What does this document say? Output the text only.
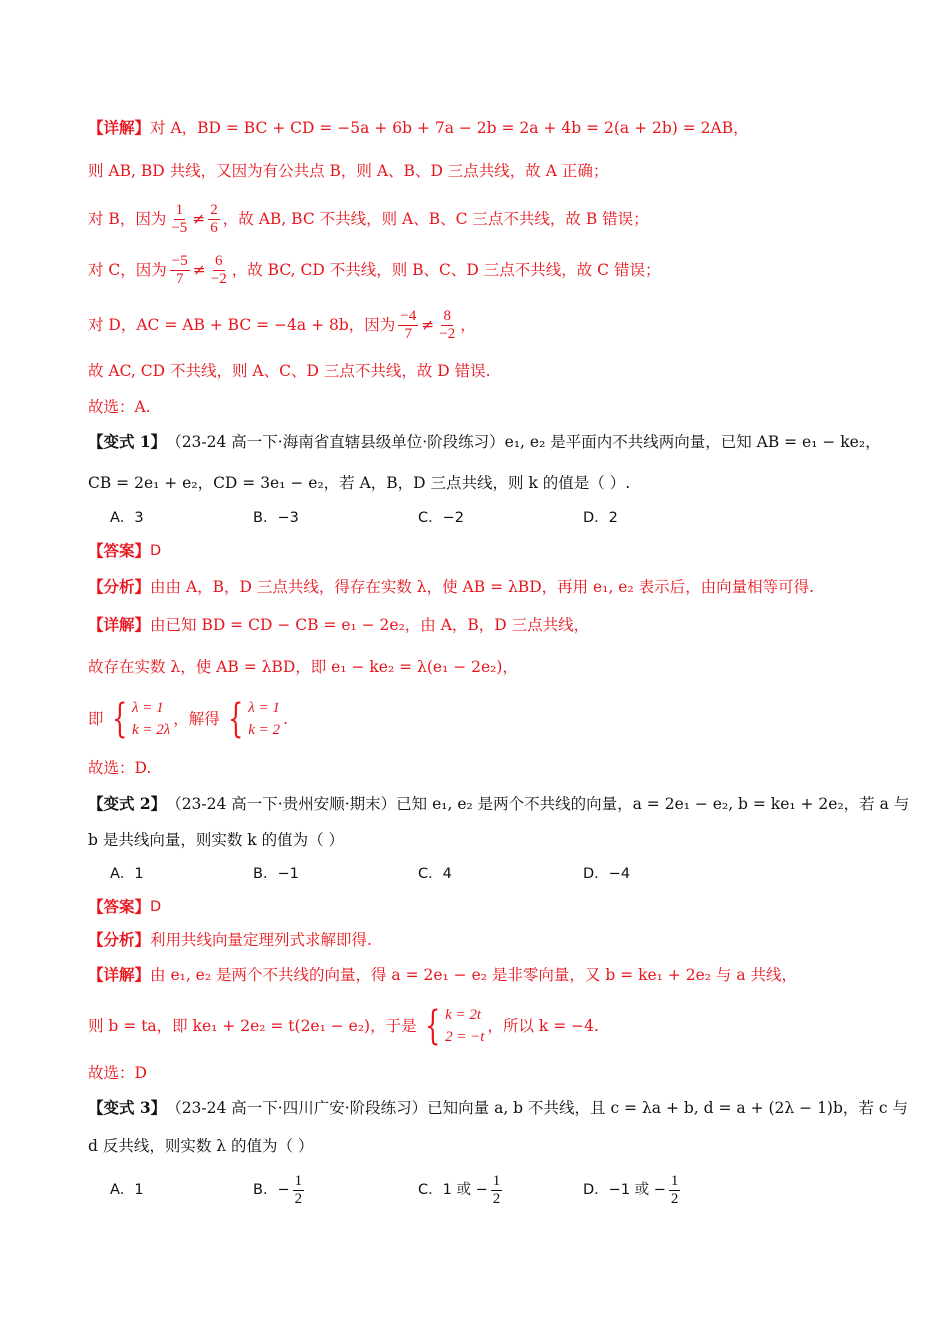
【详解】 对 A，BD = BC + CD = −5a + 6b + 7a − 2b = 2a + 4b = 2(a + 2b) = 2AB，
则 AB, BD 共线，又因为有公共点 B，则 A、B、D 三点共线，故 A 正确；
对 B，因为 $\frac{1}{-5} \ne \frac{2}{6}$ ，故 AB, BC 不共线，则 A、B、C 三点不共线，故 B 错误；
对 C，因为 $\frac{-5}{7} \ne \frac{6}{-2}$ ，故 BC, CD 不共线，则 B、C、D 三点不共线，故 C 错误；
对 D，AC = AB + BC = −4a + 8b，因为 $\frac{-4}{7} \ne \frac{8}{-2}$ ，
故 AC, CD 不共线，则 A、C、D 三点不共线，故 D 错误.
故选：A.
【变式 1】 （23-24 高一下·海南省直辖县级单位·阶段练习）e₁, e₂ 是平面内不共线两向量，已知 AB = e₁ − ke₂，
CB = 2e₁ + e₂，CD = 3e₁ − e₂，若 A，B，D 三点共线，则 k 的值是（ ）.
A．3	B．−3	C．−2	D．2
【答案】 D
【分析】 由由 A，B，D 三点共线，得存在实数 λ，使 AB = λBD，再用 e₁, e₂ 表示后，由向量相等可得.
【详解】 由已知 BD = CD − CB = e₁ − 2e₂，由 A，B，D 三点共线，
故存在实数 λ，使 AB = λBD，即 e₁ − ke₂ = λ(e₁ − 2e₂)，
即 { λ = 1
k = 2λ
，解得 { λ = 1
k = 2
.
故选：D.
【变式 2】 （23-24 高一下·贵州安顺·期末）已知 e₁, e₂ 是两个不共线的向量，a = 2e₁ − e₂, b = ke₁ + 2e₂，若 a 与
b 是共线向量，则实数 k 的值为（ ）
A．1	B．−1	C．4	D．−4
【答案】 D
【分析】 利用共线向量定理列式求解即得.
【详解】 由 e₁, e₂ 是两个不共线的向量，得 a = 2e₁ − e₂ 是非零向量，又 b = ke₁ + 2e₂ 与 a 共线，
则 b = ta，即 ke₁ + 2e₂ = t(2e₁ − e₂)，于是 { k = 2t
2 = −t
，所以 k = −4.
故选：D
【变式 3】 （23-24 高一下·四川广安·阶段练习）已知向量 a, b 不共线，且 c = λa + b, d = a + (2λ − 1)b，若 c 与
d 反共线，则实数 λ 的值为（ ）
A．1	B．− $\frac{1}{2}$	C．1 或 − $\frac{1}{2}$	D．−1 或 − $\frac{1}{2}$
